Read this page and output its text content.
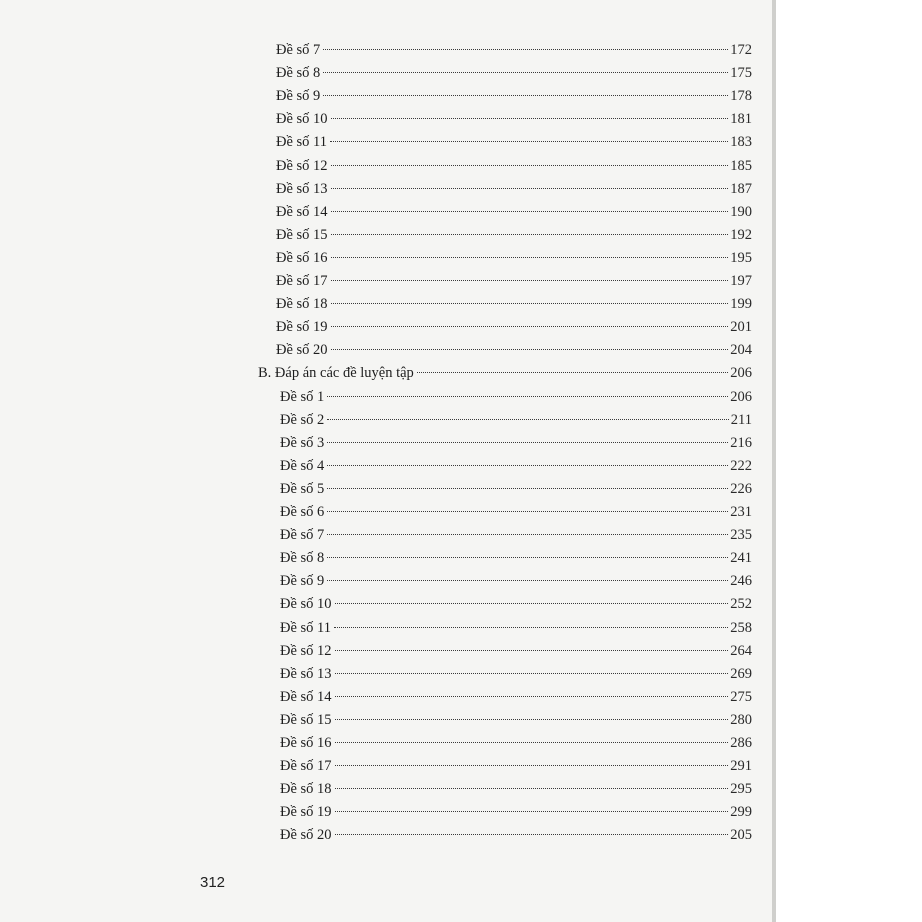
Đề số 7	172
Đề số 8	175
Đề số 9	178
Đề số 10	181
Đề số 11	183
Đề số 12	185
Đề số 13	187
Đề số 14	190
Đề số 15	192
Đề số 16	195
Đề số 17	197
Đề số 18	199
Đề số 19	201
Đề số 20	204
B. Đáp án các đề luyện tập	206
Đề số 1	206
Đề số 2	211
Đề số 3	216
Đề số 4	222
Đề số 5	226
Đề số 6	231
Đề số 7	235
Đề số 8	241
Đề số 9	246
Đề số 10	252
Đề số 11	258
Đề số 12	264
Đề số 13	269
Đề số 14	275
Đề số 15	280
Đề số 16	286
Đề số 17	291
Đề số 18	295
Đề số 19	299
Đề số 20	205
312
